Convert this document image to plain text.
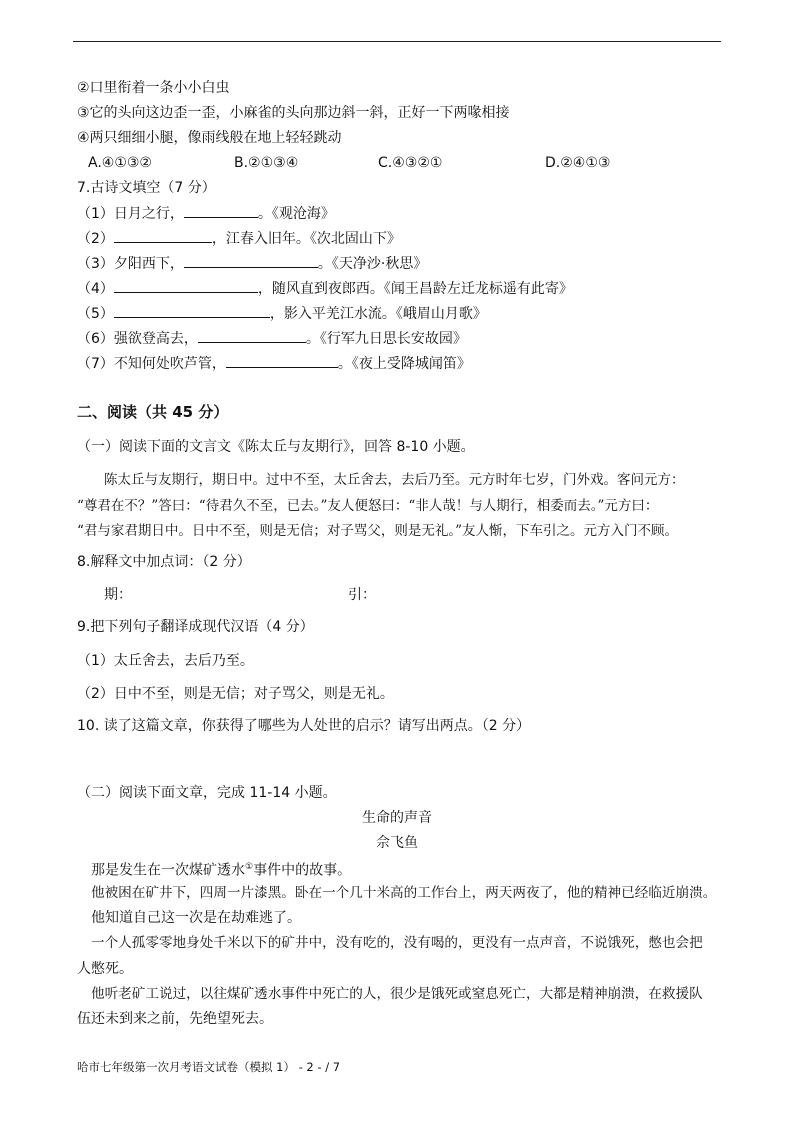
②口里衔着一条小小白虫
③它的头向这边歪一歪，小麻雀的头向那边斜一斜，正好一下两喙相接
④两只细细小腿，像雨线般在地上轻轻跳动
A.④①③②	B.②①③④	C.④③②①	D.②④①③
7.古诗文填空（7 分）
（1）日月之行，	。《观沧海》
（2）	，江春入旧年。《次北固山下》
（3）夕阳西下，	。《天净沙·秋思》
（4）	，随风直到夜郎西。《闻王昌龄左迁龙标遥有此寄》
（5）	，影入平羌江水流。《峨眉山月歌》
（6）强欲登高去，	。《行军九日思长安故园》
（7）不知何处吹芦管，	。《夜上受降城闻笛》
二、阅读（共 45 分）
（一）阅读下面的文言文《陈太丘与友期行》，回答 8-10 小题。
陈太丘与友期行，期日中。过中不至，太丘舍去，去后乃至。元方时年七岁，门外戏。客问元方：
“尊君在不？”答曰：“待君久不至，已去。”友人便怒曰：“非人哉！与人期行，相委而去。”元方曰：
“君与家君期日中。日中不至，则是无信；对子骂父，则是无礼。”友人惭，下车引之。元方入门不顾。
8.解释文中加点词：（2 分）
期：	引：
9.把下列句子翻译成现代汉语（4 分）
（1）太丘舍去，去后乃至。
（2）日中不至，则是无信；对子骂父，则是无礼。
10. 读了这篇文章，你获得了哪些为人处世的启示？请写出两点。（2 分）
（二）阅读下面文章，完成 11-14 小题。
生命的声音
佘飞鱼
那是发生在一次煤矿透水①事件中的故事。
他被困在矿井下，四周一片漆黑。卧在一个几十米高的工作台上，两天两夜了，他的精神已经临近崩溃。
他知道自己这一次是在劫难逃了。
一个人孤零零地身处千米以下的矿井中，没有吃的，没有喝的，更没有一点声音，不说饿死，憋也会把
人憋死。
他听老矿工说过，以往煤矿透水事件中死亡的人，很少是饿死或窒息死亡，大都是精神崩溃，在救援队
伍还未到来之前，先绝望死去。
哈市七年级第一次月考语文试卷（模拟 1） - 2 - / 7
